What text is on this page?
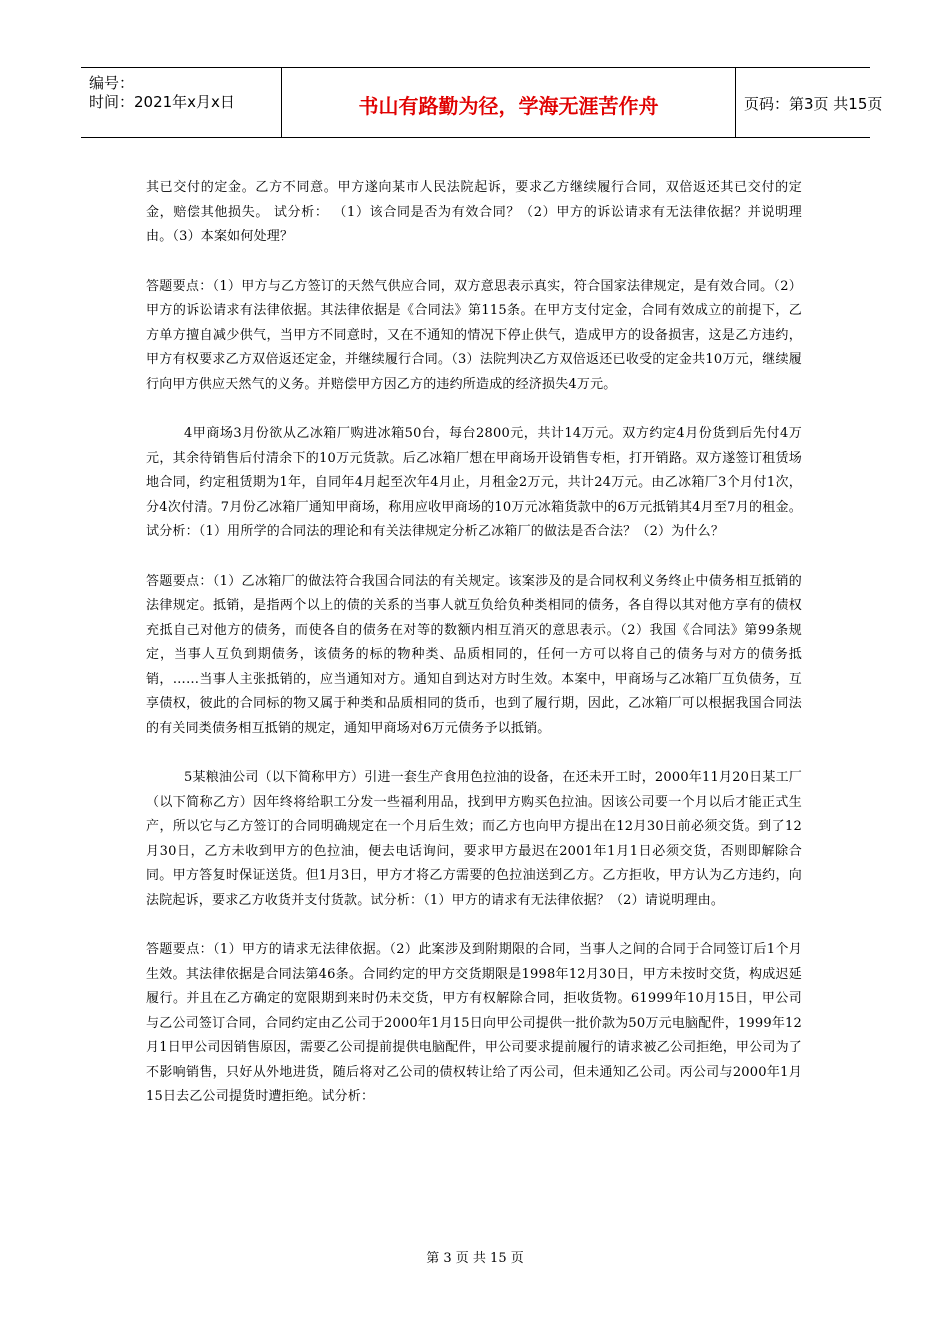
编号：
时间：2021年x月x日	书山有路勤为径，学海无涯苦作舟	页码：第3页 共15页

其已交付的定金。乙方不同意。甲方遂向某市人民法院起诉，要求乙方继续履行合同，双倍返还其已交付的定金，赔偿其他损失。 试分析： （1）该合同是否为有效合同？（2）甲方的诉讼请求有无法律依据？并说明理由。（3）本案如何处理？

答题要点：（1）甲方与乙方签订的天然气供应合同，双方意思表示真实，符合国家法律规定，是有效合同。（2）甲方的诉讼请求有法律依据。其法律依据是《合同法》第115条。在甲方支付定金，合同有效成立的前提下，乙方单方擅自减少供气，当甲方不同意时，又在不通知的情况下停止供气，造成甲方的设备损害，这是乙方违约， 甲方有权要求乙方双倍返还定金，并继续履行合同。（3）法院判决乙方双倍返还已收受的定金共10万元，继续履行向甲方供应天然气的义务。并赔偿甲方因乙方的违约所造成的经济损失4万元。

4甲商场3月份欲从乙冰箱厂购进冰箱50台，每台2800元，共计14万元。双方约定4月份货到后先付4万元，其余待销售后付清余下的10万元货款。后乙冰箱厂想在甲商场开设销售专柜，打开销路。双方遂签订租赁场地合同，约定租赁期为1年，自同年4月起至次年4月止，月租金2万元，共计24万元。由乙冰箱厂3个月付1次，分4次付清。7月份乙冰箱厂通知甲商场，称用应收甲商场的10万元冰箱货款中的6万元抵销其4月至7月的租金。试分析：（1）用所学的合同法的理论和有关法律规定分析乙冰箱厂的做法是否合法？（2）为什么？

答题要点：（1）乙冰箱厂的做法符合我国合同法的有关规定。该案涉及的是合同权利义务终止中债务相互抵销的法律规定。抵销，是指两个以上的债的关系的当事人就互负给负种类相同的债务，各自得以其对他方享有的债权充抵自己对他方的债务，而使各自的债务在对等的数额内相互消灭的意思表示。（2）我国《合同法》第99条规定，当事人互负到期债务，该债务的标的物种类、品质相同的，任何一方可以将自己的债务与对方的债务抵销，……当事人主张抵销的，应当通知对方。通知自到达对方时生效。本案中，甲商场与乙冰箱厂互负债务，互享债权，彼此的合同标的物又属于种类和品质相同的货币，也到了履行期，因此，乙冰箱厂可以根据我国合同法的有关同类债务相互抵销的规定，通知甲商场对6万元债务予以抵销。

5某粮油公司（以下简称甲方）引进一套生产食用色拉油的设备，在还未开工时，2000年11月20日某工厂（以下简称乙方）因年终将给职工分发一些福利用品，找到甲方购买色拉油。因该公司要一个月以后才能正式生产，所以它与乙方签订的合同明确规定在一个月后生效；而乙方也向甲方提出在12月30日前必须交货。到了12月30日，乙方未收到甲方的色拉油，便去电话询问，要求甲方最迟在2001年1月1日必须交货，否则即解除合同。甲方答复时保证送货。但1月3日，甲方才将乙方需要的色拉油送到乙方。乙方拒收，甲方认为乙方违约，向法院起诉，要求乙方收货并支付货款。试分析：（1）甲方的请求有无法律依据？（2）请说明理由。

答题要点：（1）甲方的请求无法律依据。（2）此案涉及到附期限的合同，当事人之间的合同于合同签订后1个月生效。其法律依据是合同法第46条。合同约定的甲方交货期限是1998年12月30日，甲方未按时交货，构成迟延履行。并且在乙方确定的宽限期到来时仍未交货，甲方有权解除合同，拒收货物。61999年10月15日，甲公司与乙公司签订合同，合同约定由乙公司于2000年1月15日向甲公司提供一批价款为50万元电脑配件，1999年12月1日甲公司因销售原因，需要乙公司提前提供电脑配件，甲公司要求提前履行的请求被乙公司拒绝，甲公司为了不影响销售，只好从外地进货，随后将对乙公司的债权转让给了丙公司，但未通知乙公司。丙公司与2000年1月15日去乙公司提货时遭拒绝。试分析：

第 3 页 共 15 页
